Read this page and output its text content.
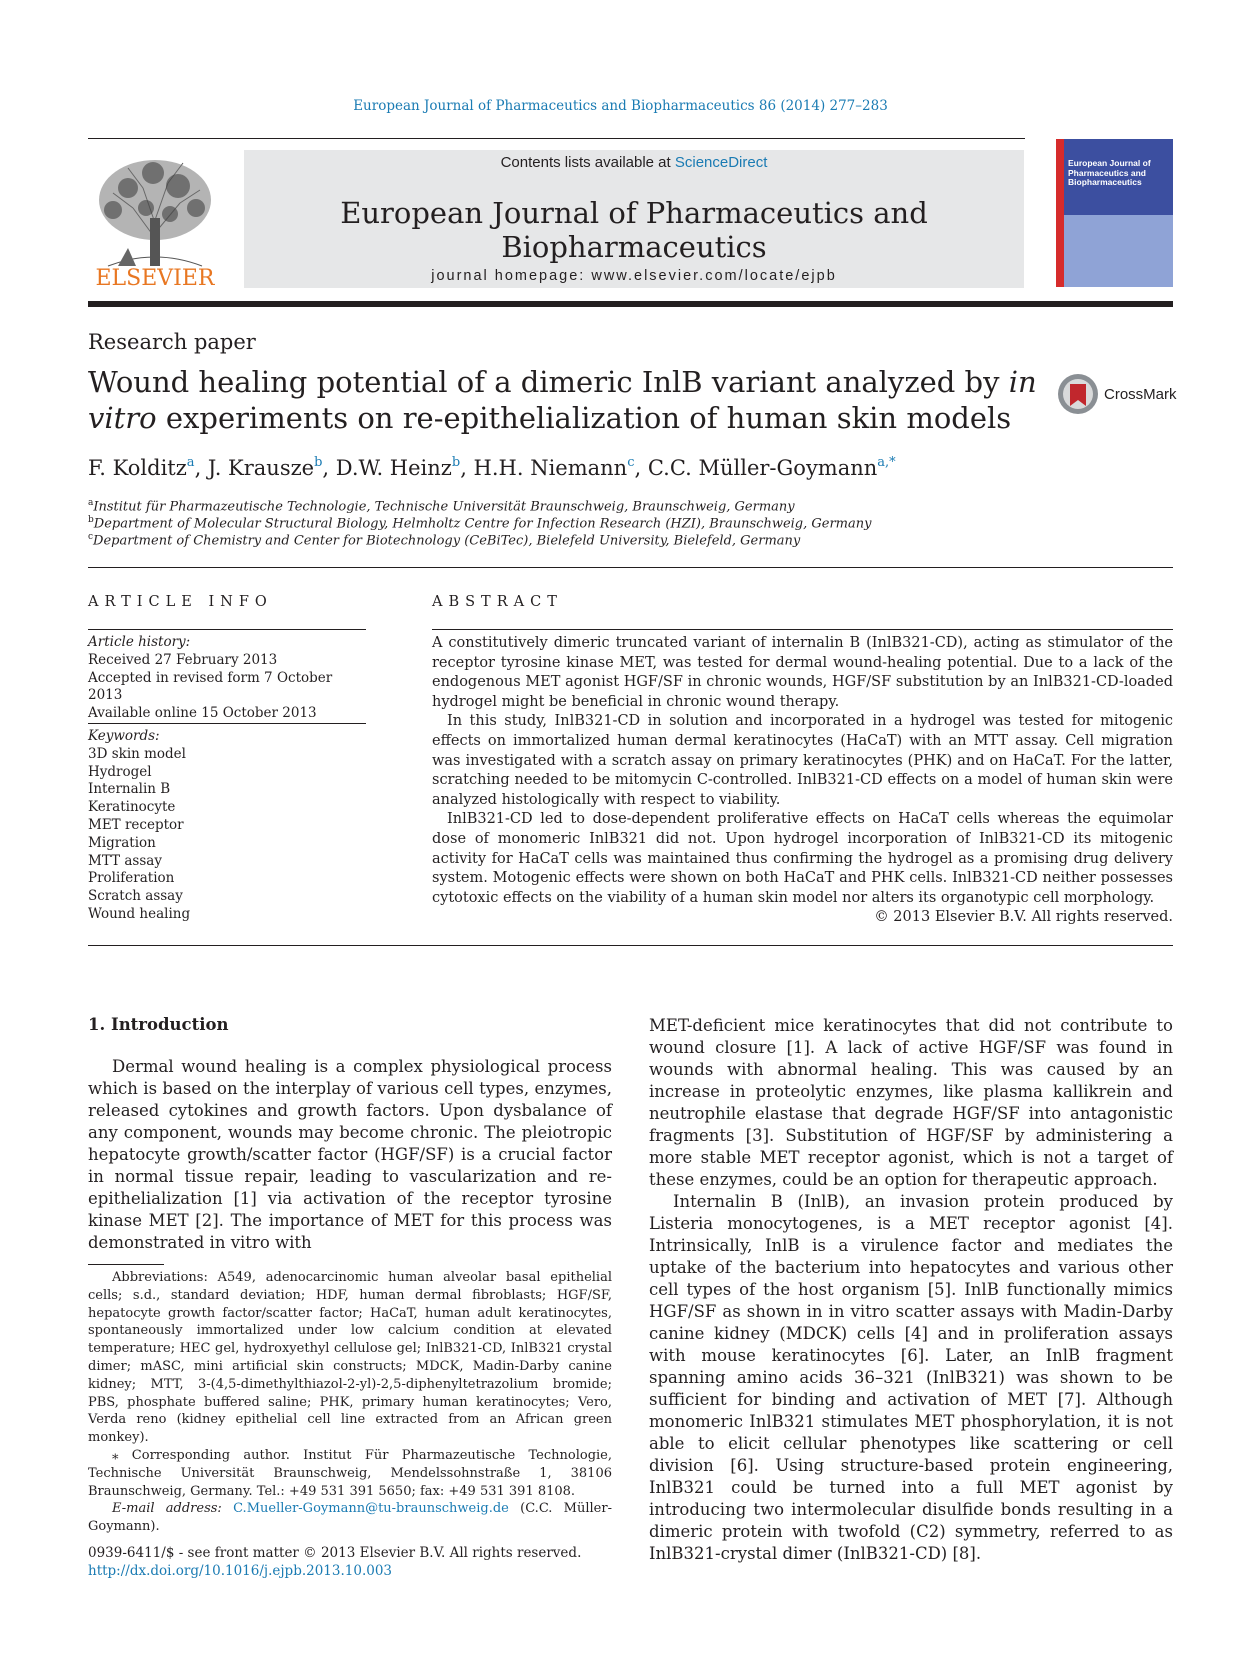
European Journal of Pharmaceutics and Biopharmaceutics 86 (2014) 277–283
ELSEVIER
Contents lists available at ScienceDirect
European Journal of Pharmaceutics and Biopharmaceutics
journal homepage: www.elsevier.com/locate/ejpb
European Journal of Pharmaceutics and Biopharmaceutics
Research paper
Wound healing potential of a dimeric InlB variant analyzed by in vitro experiments on re-epithelialization of human skin models
CrossMark
F. Kolditz$^a$, J. Krausze$^b$, D.W. Heinz$^b$, H.H. Niemann$^c$, C.C. Müller-Goymann$^{a,*}$
$^a$Institut für Pharmazeutische Technologie, Technische Universität Braunschweig, Braunschweig, Germany
$^b$Department of Molecular Structural Biology, Helmholtz Centre for Infection Research (HZI), Braunschweig, Germany
$^c$Department of Chemistry and Center for Biotechnology (CeBiTec), Bielefeld University, Bielefeld, Germany
ARTICLE INFO
Article history:
Received 27 February 2013
Accepted in revised form 7 October 2013
Available online 15 October 2013
Keywords:
3D skin model
Hydrogel
Internalin B
Keratinocyte
MET receptor
Migration
MTT assay
Proliferation
Scratch assay
Wound healing
ABSTRACT

A constitutively dimeric truncated variant of internalin B (InlB321-CD), acting as stimulator of the receptor tyrosine kinase MET, was tested for dermal wound-healing potential. Due to a lack of the endogenous MET agonist HGF/SF in chronic wounds, HGF/SF substitution by an InlB321-CD-loaded hydrogel might be beneficial in chronic wound therapy.

In this study, InlB321-CD in solution and incorporated in a hydrogel was tested for mitogenic effects on immortalized human dermal keratinocytes (HaCaT) with an MTT assay. Cell migration was investigated with a scratch assay on primary keratinocytes (PHK) and on HaCaT. For the latter, scratching needed to be mitomycin C-controlled. InlB321-CD effects on a model of human skin were analyzed histologically with respect to viability.

InlB321-CD led to dose-dependent proliferative effects on HaCaT cells whereas the equimolar dose of monomeric InlB321 did not. Upon hydrogel incorporation of InlB321-CD its mitogenic activity for HaCaT cells was maintained thus confirming the hydrogel as a promising drug delivery system. Motogenic effects were shown on both HaCaT and PHK cells. InlB321-CD neither possesses cytotoxic effects on the viability of a human skin model nor alters its organotypic cell morphology.

© 2013 Elsevier B.V. All rights reserved.

1. Introduction

Dermal wound healing is a complex physiological process which is based on the interplay of various cell types, enzymes, released cytokines and growth factors. Upon dysbalance of any component, wounds may become chronic. The pleiotropic hepatocyte growth/scatter factor (HGF/SF) is a crucial factor in normal tissue repair, leading to vascularization and re-epithelialization [1] via activation of the receptor tyrosine kinase MET [2]. The importance of MET for this process was demonstrated in vitro with

Abbreviations: A549, adenocarcinomic human alveolar basal epithelial cells; s.d., standard deviation; HDF, human dermal fibroblasts; HGF/SF, hepatocyte growth factor/scatter factor; HaCaT, human adult keratinocytes, spontaneously immortalized under low calcium condition at elevated temperature; HEC gel, hydroxyethyl cellulose gel; InlB321-CD, InlB321 crystal dimer; mASC, mini artificial skin constructs; MDCK, Madin-Darby canine kidney; MTT, 3-(4,5-dimethylthiazol-2-yl)-2,5-diphenyltetrazolium bromide; PBS, phosphate buffered saline; PHK, primary human keratinocytes; Vero, Verda reno (kidney epithelial cell line extracted from an African green monkey).

⁎ Corresponding author. Institut Für Pharmazeutische Technologie, Technische Universität Braunschweig, Mendelssohnstraße 1, 38106 Braunschweig, Germany. Tel.: +49 531 391 5650; fax: +49 531 391 8108.

E-mail address: C.Mueller-Goymann@tu-braunschweig.de (C.C. Müller-Goymann).

0939-6411/$ - see front matter © 2013 Elsevier B.V. All rights reserved.
http://dx.doi.org/10.1016/j.ejpb.2013.10.003

MET-deficient mice keratinocytes that did not contribute to wound closure [1]. A lack of active HGF/SF was found in wounds with abnormal healing. This was caused by an increase in proteolytic enzymes, like plasma kallikrein and neutrophile elastase that degrade HGF/SF into antagonistic fragments [3]. Substitution of HGF/SF by administering a more stable MET receptor agonist, which is not a target of these enzymes, could be an option for therapeutic approach.

Internalin B (InlB), an invasion protein produced by Listeria monocytogenes, is a MET receptor agonist [4]. Intrinsically, InlB is a virulence factor and mediates the uptake of the bacterium into hepatocytes and various other cell types of the host organism [5]. InlB functionally mimics HGF/SF as shown in in vitro scatter assays with Madin-Darby canine kidney (MDCK) cells [4] and in proliferation assays with mouse keratinocytes [6]. Later, an InlB fragment spanning amino acids 36–321 (InlB321) was shown to be sufficient for binding and activation of MET [7]. Although monomeric InlB321 stimulates MET phosphorylation, it is not able to elicit cellular phenotypes like scattering or cell division [6]. Using structure-based protein engineering, InlB321 could be turned into a full MET agonist by introducing two intermolecular disulfide bonds resulting in a dimeric protein with twofold (C2) symmetry, referred to as InlB321-crystal dimer (InlB321-CD) [8].
